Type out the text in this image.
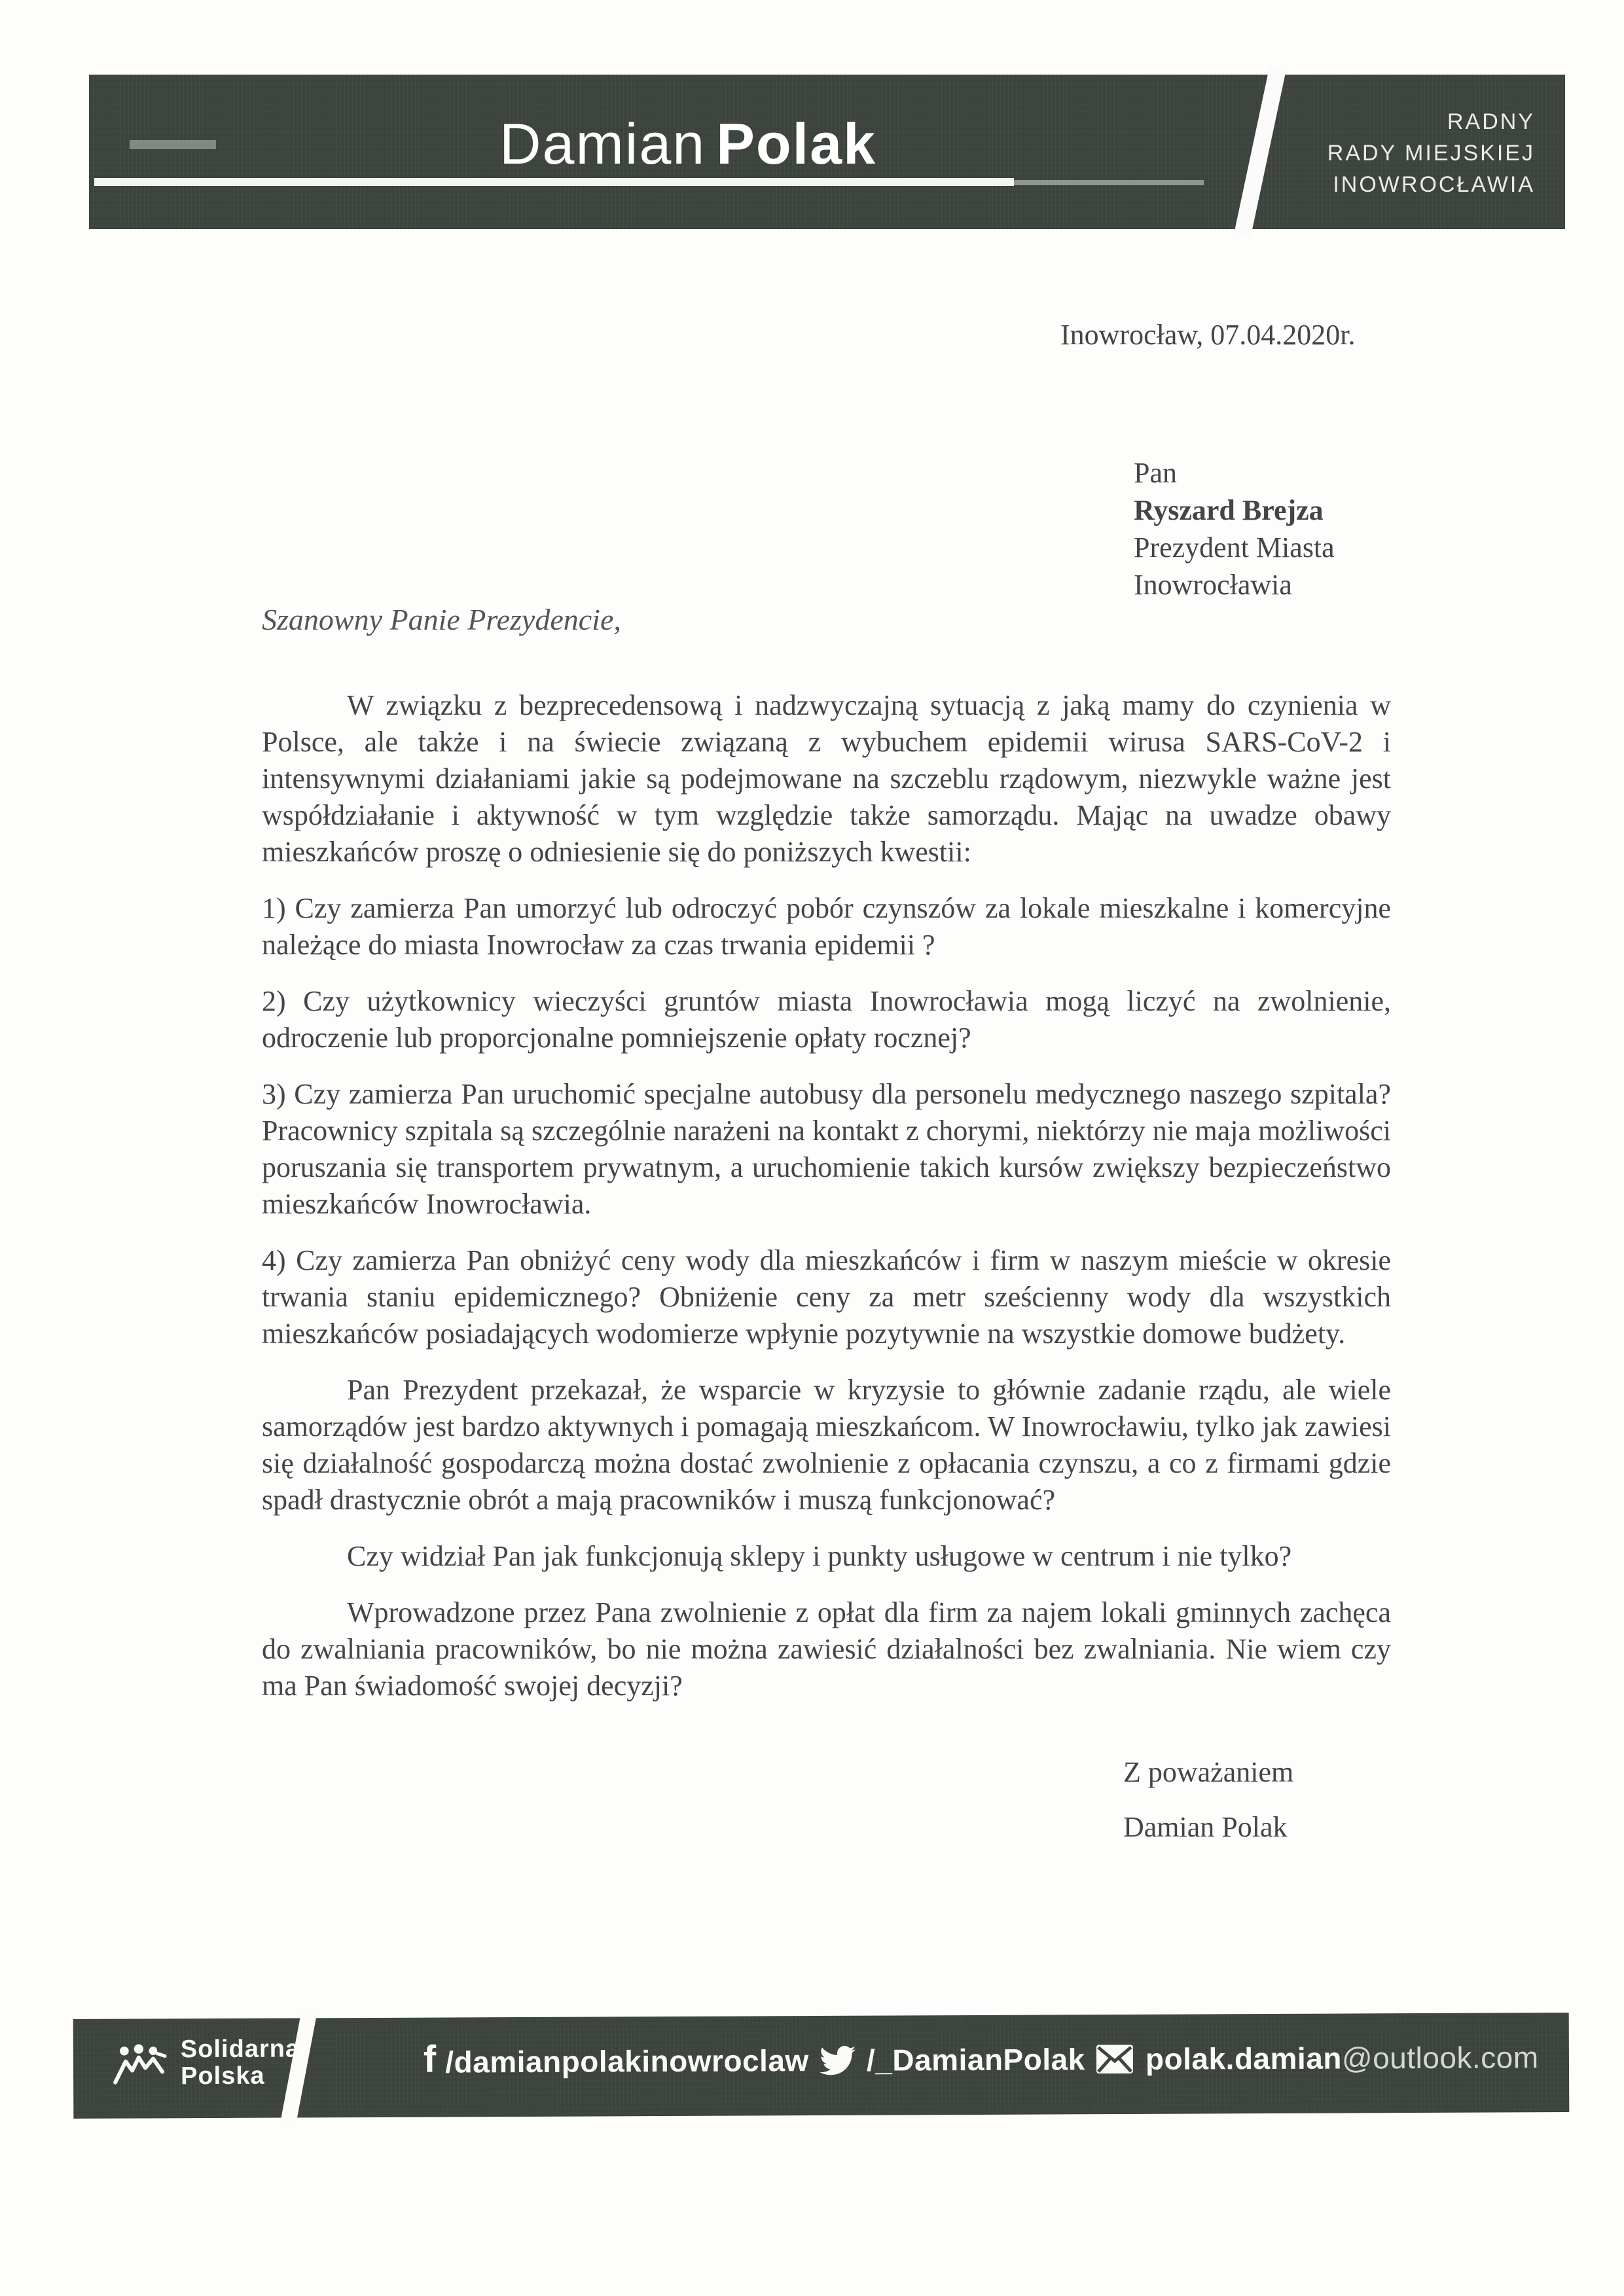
Damian Polak	RADNY
RADY MIEJSKIEJ
INOWROCŁAWIA
Inowrocław, 07.04.2020r.
Pan
Ryszard Brejza
Prezydent Miasta
Inowrocławia
Szanowny Panie Prezydencie,

W związku z bezprecedensową i nadzwyczajną sytuacją z jaką mamy do czynienia w Polsce, ale także i na świecie związaną z wybuchem epidemii wirusa SARS-CoV-2 i intensywnymi działaniami jakie są podejmowane na szczeblu rządowym, niezwykle ważne jest współdziałanie i aktywność w tym względzie także samorządu. Mając na uwadze obawy mieszkańców proszę o odniesienie się do poniższych kwestii:

1) Czy zamierza Pan umorzyć lub odroczyć pobór czynszów za lokale mieszkalne i komercyjne należące do miasta Inowrocław za czas trwania epidemii ?

2) Czy użytkownicy wieczyści gruntów miasta Inowrocławia mogą liczyć na zwolnienie, odroczenie lub proporcjonalne pomniejszenie opłaty rocznej?

3) Czy zamierza Pan uruchomić specjalne autobusy dla personelu medycznego naszego szpitala? Pracownicy szpitala są szczególnie narażeni na kontakt z chorymi, niektórzy nie maja możliwości poruszania się transportem prywatnym, a uruchomienie takich kursów zwiększy bezpieczeństwo mieszkańców Inowrocławia.

4) Czy zamierza Pan obniżyć ceny wody dla mieszkańców i firm w naszym mieście w okresie trwania staniu epidemicznego? Obniżenie ceny za metr sześcienny wody dla wszystkich mieszkańców posiadających wodomierze wpłynie pozytywnie na wszystkie domowe budżety.

Pan Prezydent przekazał, że wsparcie w kryzysie to głównie zadanie rządu, ale wiele samorządów jest bardzo aktywnych i pomagają mieszkańcom. W Inowrocławiu, tylko jak zawiesi się działalność gospodarczą można dostać zwolnienie z opłacania czynszu, a co z firmami gdzie spadł drastycznie obrót a mają pracowników i muszą funkcjonować?

Czy widział Pan jak funkcjonują sklepy i punkty usługowe w centrum i nie tylko?

Wprowadzone przez Pana zwolnienie z opłat dla firm za najem lokali gminnych zachęca do zwalniania pracowników, bo nie można zawiesić działalności bez zwalniania. Nie wiem czy ma Pan świadomość swojej decyzji?

Z poważaniem
Damian Polak
Solidarna
Polska	f /damianpolakinowroclaw /_DamianPolak polak.damian@outlook.com
